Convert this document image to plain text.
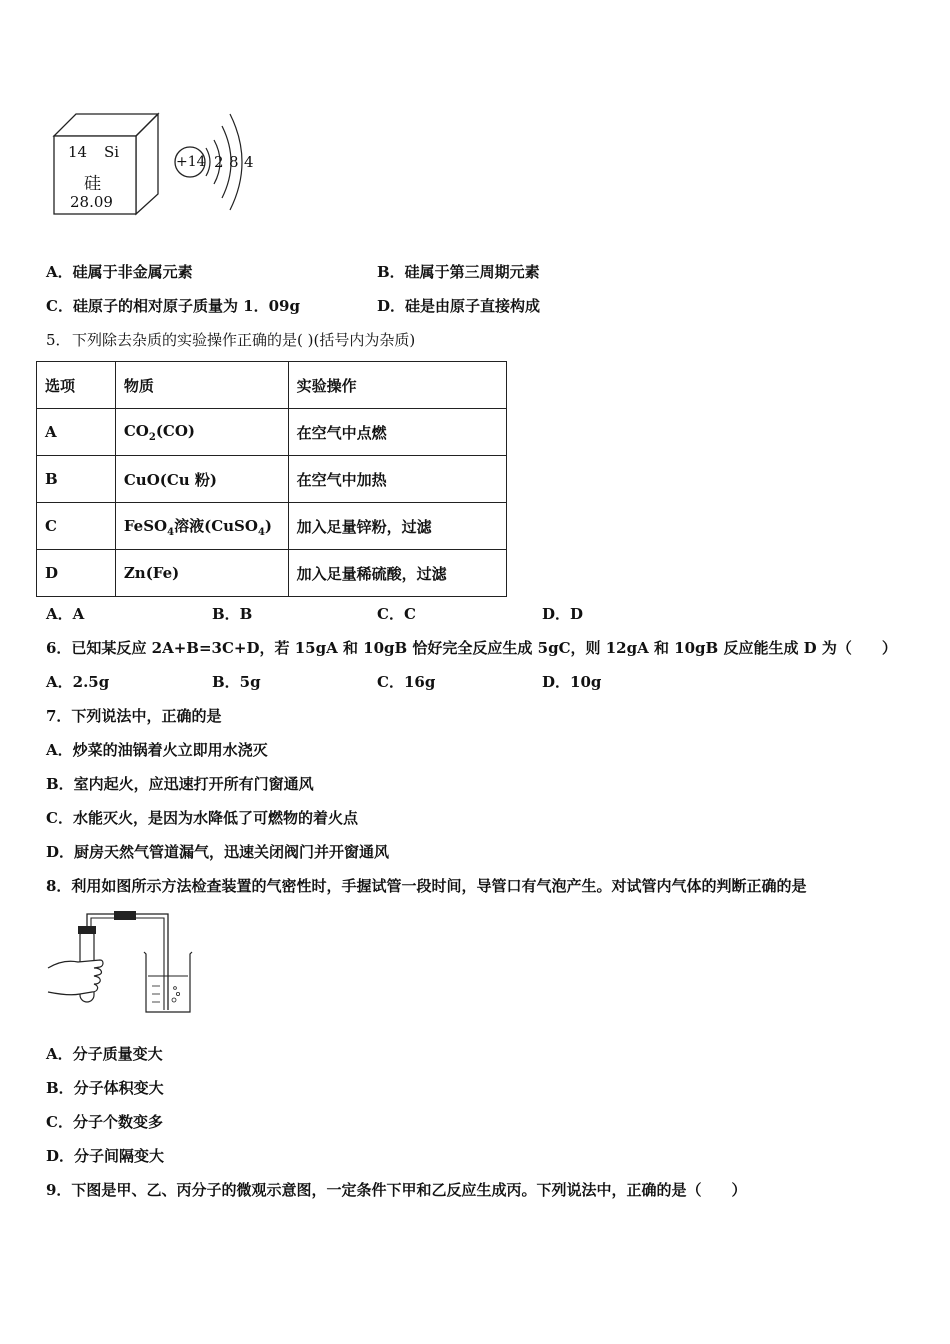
14 Si
硅
28.09
+14 2 8 4
A．硅属于非金属元素	B．硅属于第三周期元素
C．硅原子的相对原子质量为 1．09g	D．硅是由原子直接构成
5． 下列除去杂质的实验操作正确的是( )(括号内为杂质)
选项	物质	实验操作
A	$CO_2(CO)$	在空气中点燃
B	CuO(Cu 粉)	在空气中加热
C	FeSO$_4$溶液(CuSO$_4$)	加入足量锌粉，过滤
D	Zn(Fe)	加入足量稀硫酸，过滤
A．A	B．B	C．C	D．D
6．已知某反应 2A+B=3C+D，若 15gA 和 10gB 恰好完全反应生成 5gC，则 12gA 和 10gB 反应能生成 D 为（　　）
A．2.5g	B．5g	C．16g	D．10g
7．下列说法中，正确的是
A．炒菜的油锅着火立即用水浇灭
B．室内起火，应迅速打开所有门窗通风
C．水能灭火，是因为水降低了可燃物的着火点
D．厨房天然气管道漏气，迅速关闭阀门并开窗通风
8．利用如图所示方法检查装置的气密性时，手握试管一段时间，导管口有气泡产生。对试管内气体的判断正确的是
A．分子质量变大
B．分子体积变大
C．分子个数变多
D．分子间隔变大
9．下图是甲、乙、丙分子的微观示意图，一定条件下甲和乙反应生成丙。下列说法中，正确的是（　　）
